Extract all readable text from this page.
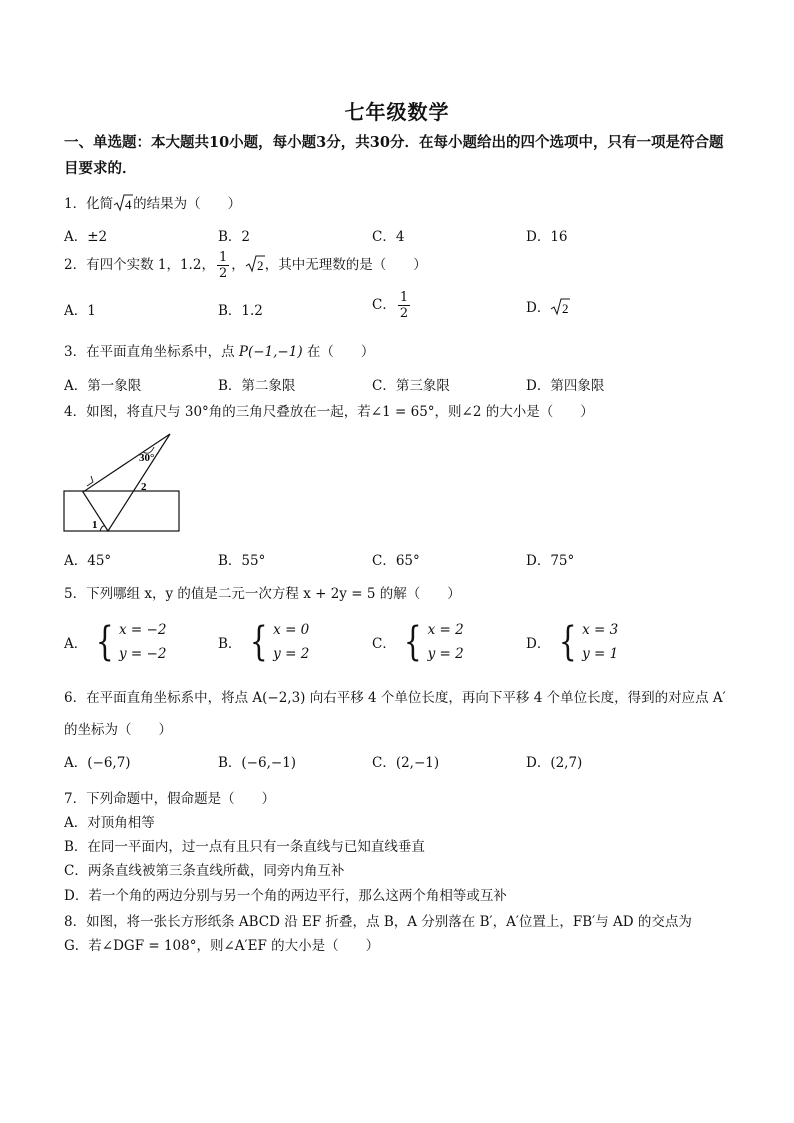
七年级数学
一、单选题：本大题共10小题，每小题3分，共30分．在每小题给出的四个选项中，只有一项是符合题目要求的．
1．化简 4 的结果为（　　）
A．±2	B．2	C．4	D．16
2．有四个实数 1，1.2， $\frac{1}{2}$ ， 2 ，其中无理数的是（　　）
A．1	B．1.2	C． $\frac{1}{2}$	D． 2
3．在平面直角坐标系中，点 P(−1,−1) 在（　　）
A．第一象限	B．第二象限	C．第三象限	D．第四象限
4．如图，将直尺与 30°角的三角尺叠放在一起，若∠1 = 65°，则∠2 的大小是（　　）
30°
2
1
A．45°	B．55°	C．65°	D．75°
5．下列哪组 x，y 的值是二元一次方程 x + 2y = 5 的解（　　）
A． { x = −2
y = −2
B． { x = 0
y = 2
C． { x = 2
y = 2
D． { x = 3
y = 1
6．在平面直角坐标系中，将点 A(−2,3) 向右平移 4 个单位长度，再向下平移 4 个单位长度，得到的对应点 A′
的坐标为（　　）
A．(−6,7)	B．(−6,−1)	C．(2,−1)	D．(2,7)
7．下列命题中，假命题是（　　）
A．对顶角相等
B．在同一平面内，过一点有且只有一条直线与已知直线垂直
C．两条直线被第三条直线所截，同旁内角互补
D．若一个角的两边分别与另一个角的两边平行，那么这两个角相等或互补
8．如图，将一张长方形纸条 ABCD 沿 EF 折叠，点 B，A 分别落在 B′，A′位置上，FB′与 AD 的交点为
G．若∠DGF = 108°，则∠A′EF 的大小是（　　）
